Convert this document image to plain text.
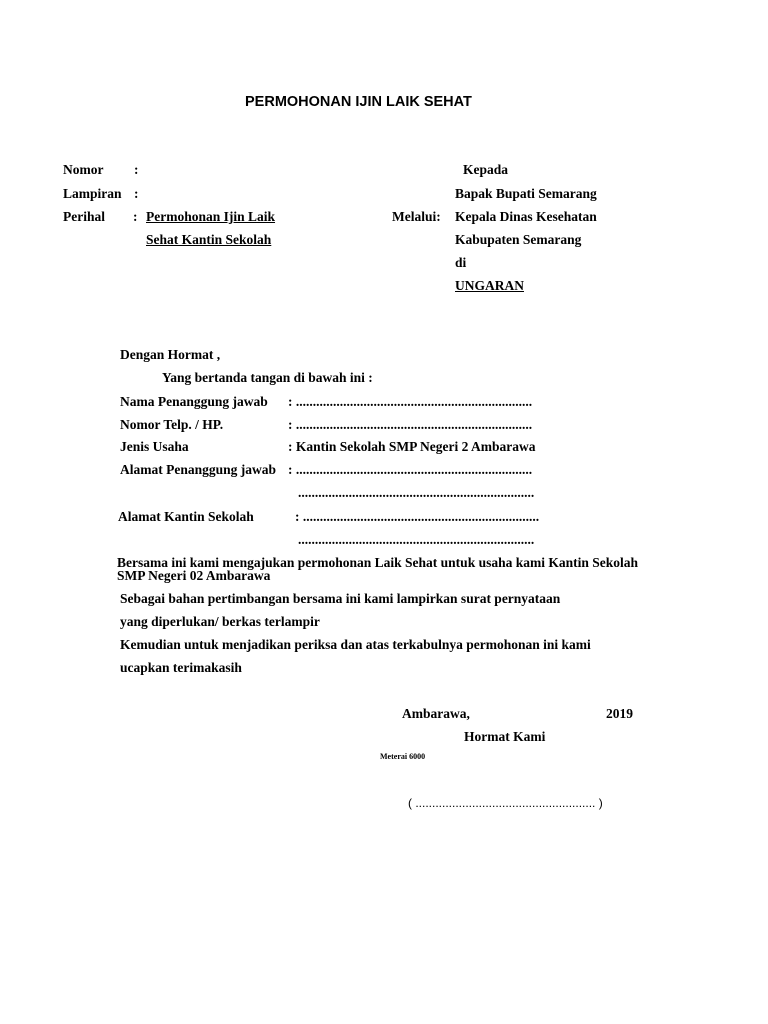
PERMOHONAN IJIN LAIK SEHAT
Nomor :
Lampiran :
Perihal : Permohonan Ijin Laik
Sehat Kantin Sekolah
Melalui:
Kepada
Bapak Bupati Semarang
Kepala Dinas Kesehatan
Kabupaten Semarang
di
UNGARAN
Dengan Hormat ,
Yang bertanda tangan di bawah ini :
Nama Penanggung jawab : ......................................................................
Nomor Telp. / HP.	: ......................................................................
Jenis Usaha	: Kantin Sekolah SMP Negeri 2 Ambarawa
Alamat Penanggung jawab : ......................................................................
......................................................................
Alamat Kantin Sekolah	: ......................................................................
......................................................................
Bersama ini kami mengajukan permohonan Laik Sehat untuk usaha kami Kantin Sekolah
SMP Negeri 02 Ambarawa
Sebagai bahan pertimbangan bersama ini kami lampirkan surat pernyataan
yang diperlukan/ berkas terlampir
Kemudian untuk menjadikan periksa dan atas terkabulnya permohonan ini kami
ucapkan terimakasih
Ambarawa,	2019
Hormat Kami
Meterai 6000
( ...................................................... )
